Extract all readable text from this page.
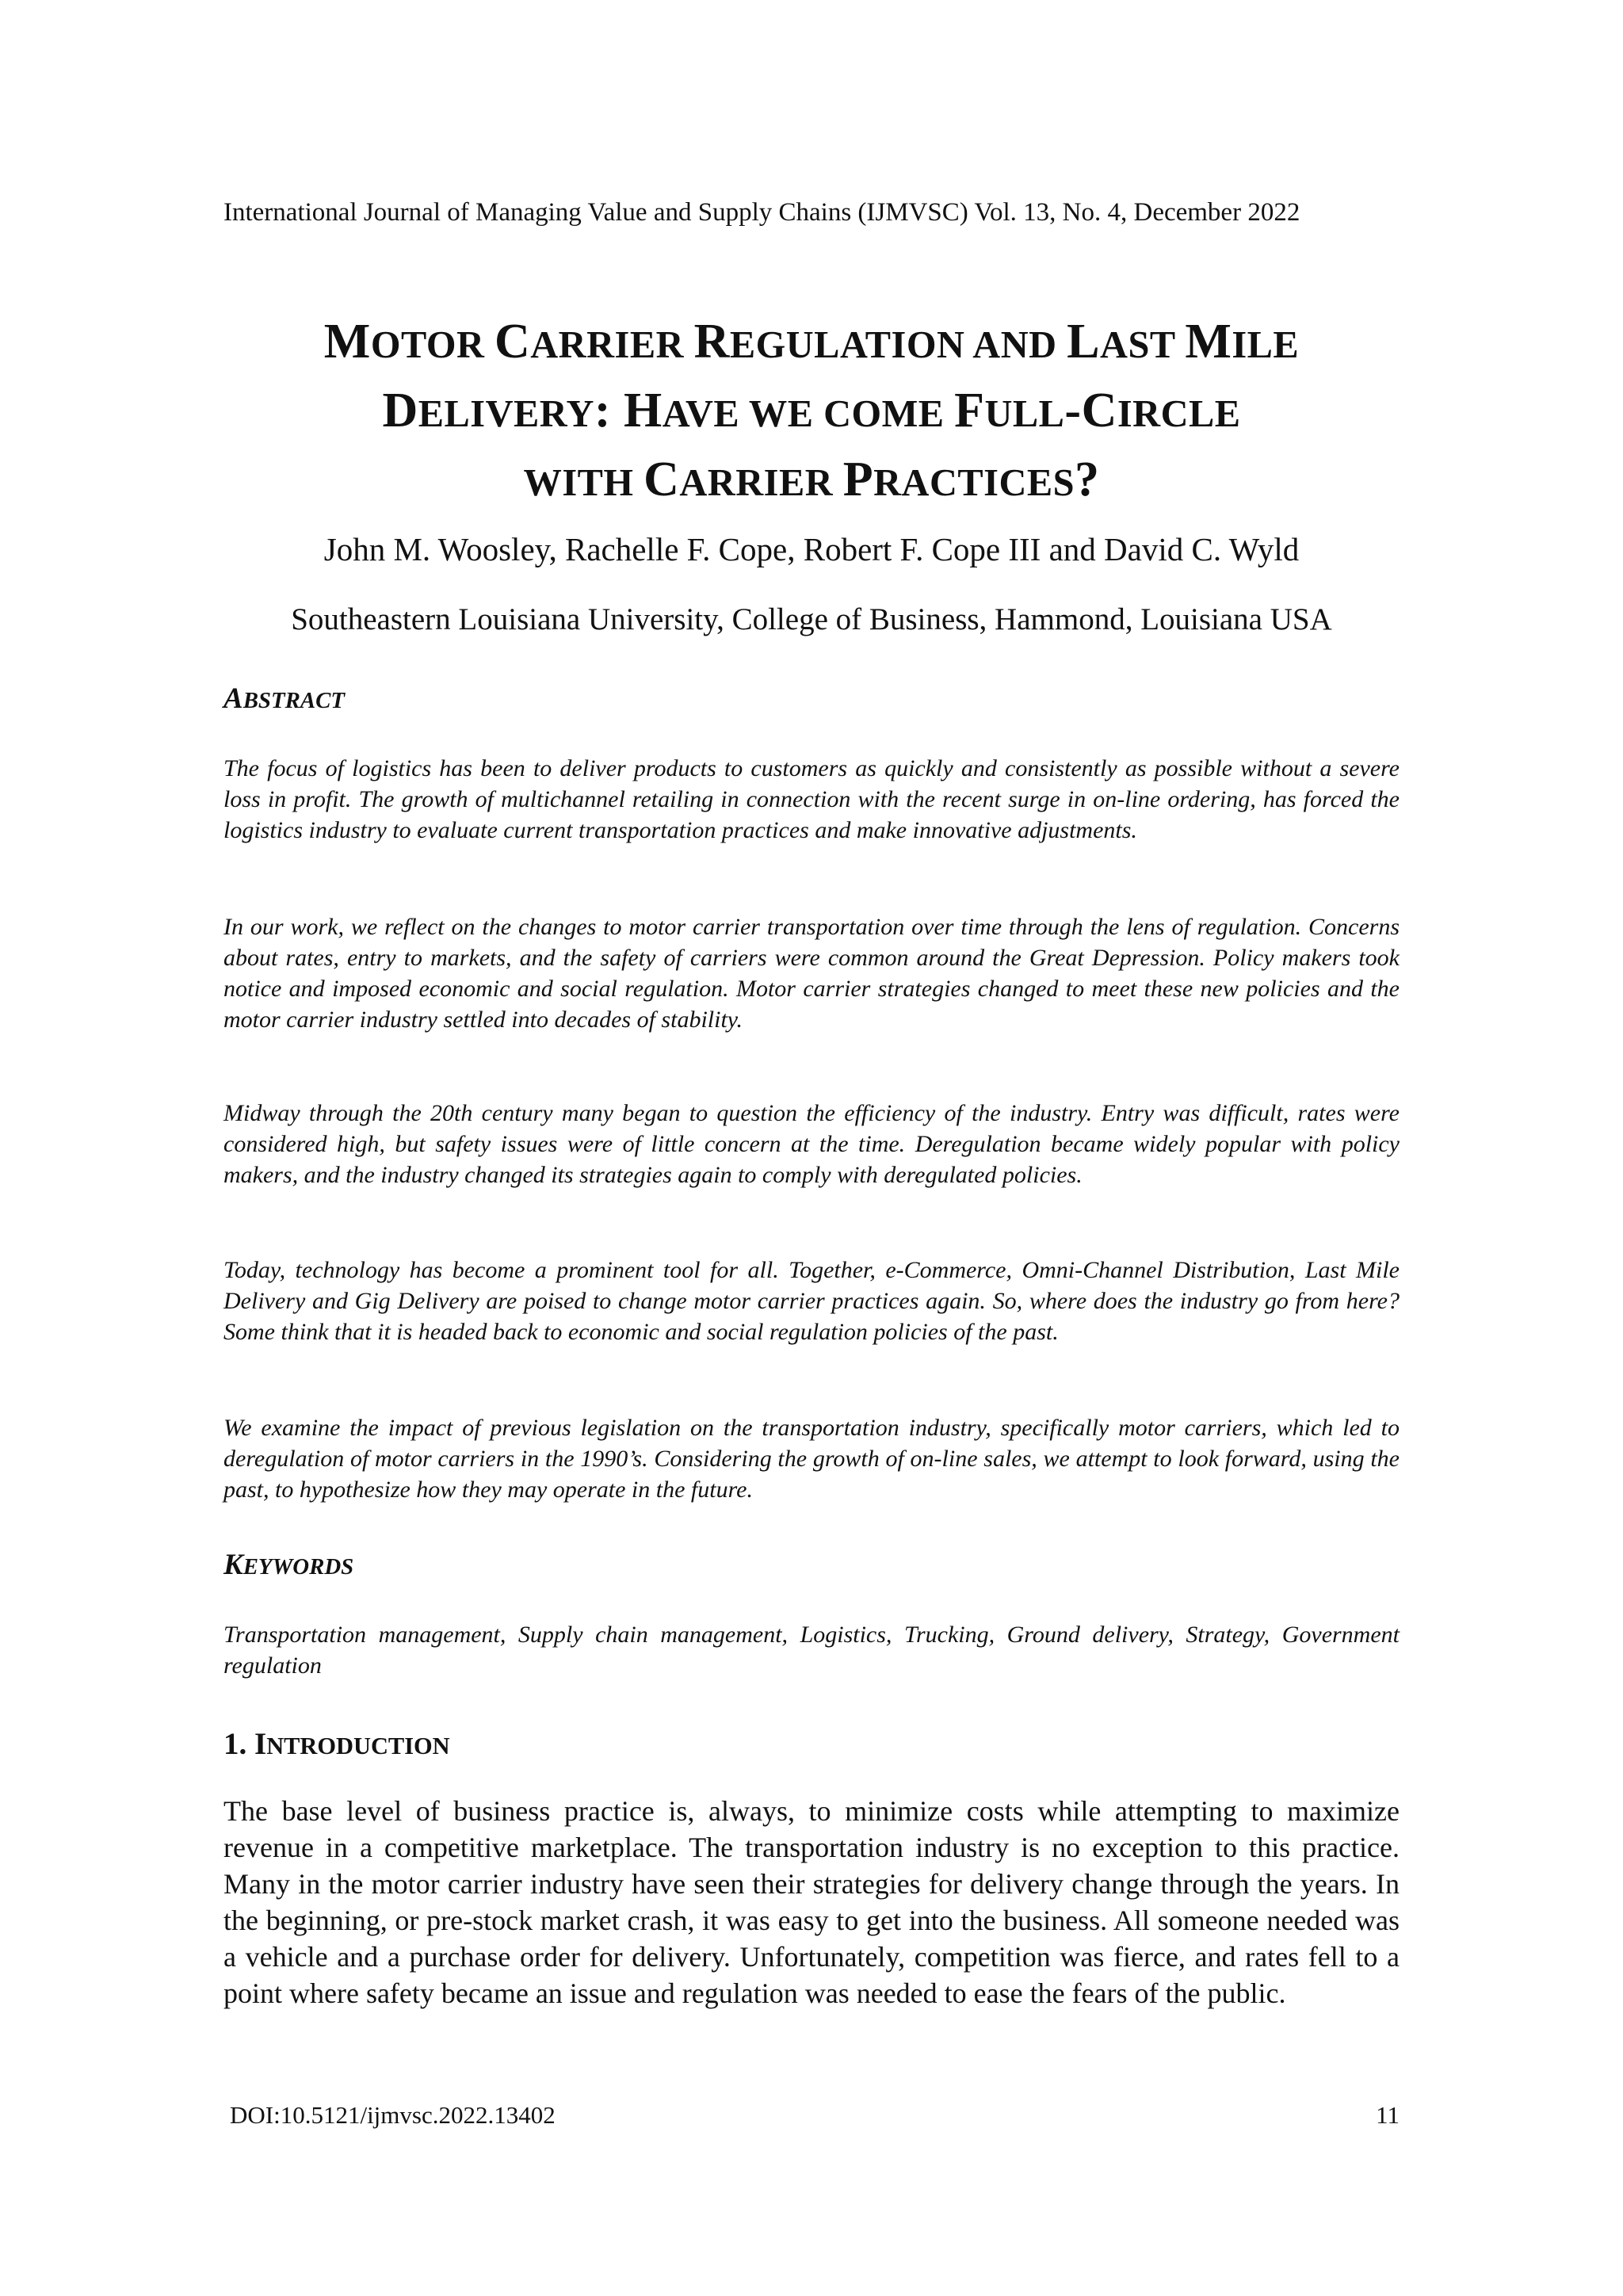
International Journal of Managing Value and Supply Chains (IJMVSC) Vol. 13, No. 4, December 2022
MOTOR CARRIER REGULATION AND LAST MILE
DELIVERY: HAVE WE COME FULL-CIRCLE
WITH CARRIER PRACTICES?
John M. Woosley, Rachelle F. Cope, Robert F. Cope III and David C. Wyld
Southeastern Louisiana University, College of Business, Hammond, Louisiana USA
ABSTRACT

The focus of logistics has been to deliver products to customers as quickly and consistently as possible without a severe loss in profit. The growth of multichannel retailing in connection with the recent surge in on-line ordering, has forced the logistics industry to evaluate current transportation practices and make innovative adjustments.

In our work, we reflect on the changes to motor carrier transportation over time through the lens of regulation. Concerns about rates, entry to markets, and the safety of carriers were common around the Great Depression. Policy makers took notice and imposed economic and social regulation. Motor carrier strategies changed to meet these new policies and the motor carrier industry settled into decades of stability.

Midway through the 20th century many began to question the efficiency of the industry. Entry was difficult, rates were considered high, but safety issues were of little concern at the time. Deregulation became widely popular with policy makers, and the industry changed its strategies again to comply with deregulated policies.

Today, technology has become a prominent tool for all. Together, e-Commerce, Omni-Channel Distribution, Last Mile Delivery and Gig Delivery are poised to change motor carrier practices again. So, where does the industry go from here? Some think that it is headed back to economic and social regulation policies of the past.

We examine the impact of previous legislation on the transportation industry, specifically motor carriers, which led to deregulation of motor carriers in the 1990’s. Considering the growth of on-line sales, we attempt to look forward, using the past, to hypothesize how they may operate in the future.

KEYWORDS

Transportation management, Supply chain management, Logistics, Trucking, Ground delivery, Strategy, Government regulation

1. INTRODUCTION

The base level of business practice is, always, to minimize costs while attempting to maximize revenue in a competitive marketplace. The transportation industry is no exception to this practice. Many in the motor carrier industry have seen their strategies for delivery change through the years. In the beginning, or pre-stock market crash, it was easy to get into the business. All someone needed was a vehicle and a purchase order for delivery. Unfortunately, competition was fierce, and rates fell to a point where safety became an issue and regulation was needed to ease the fears of the public.

DOI:10.5121/ijmvsc.2022.13402	11
